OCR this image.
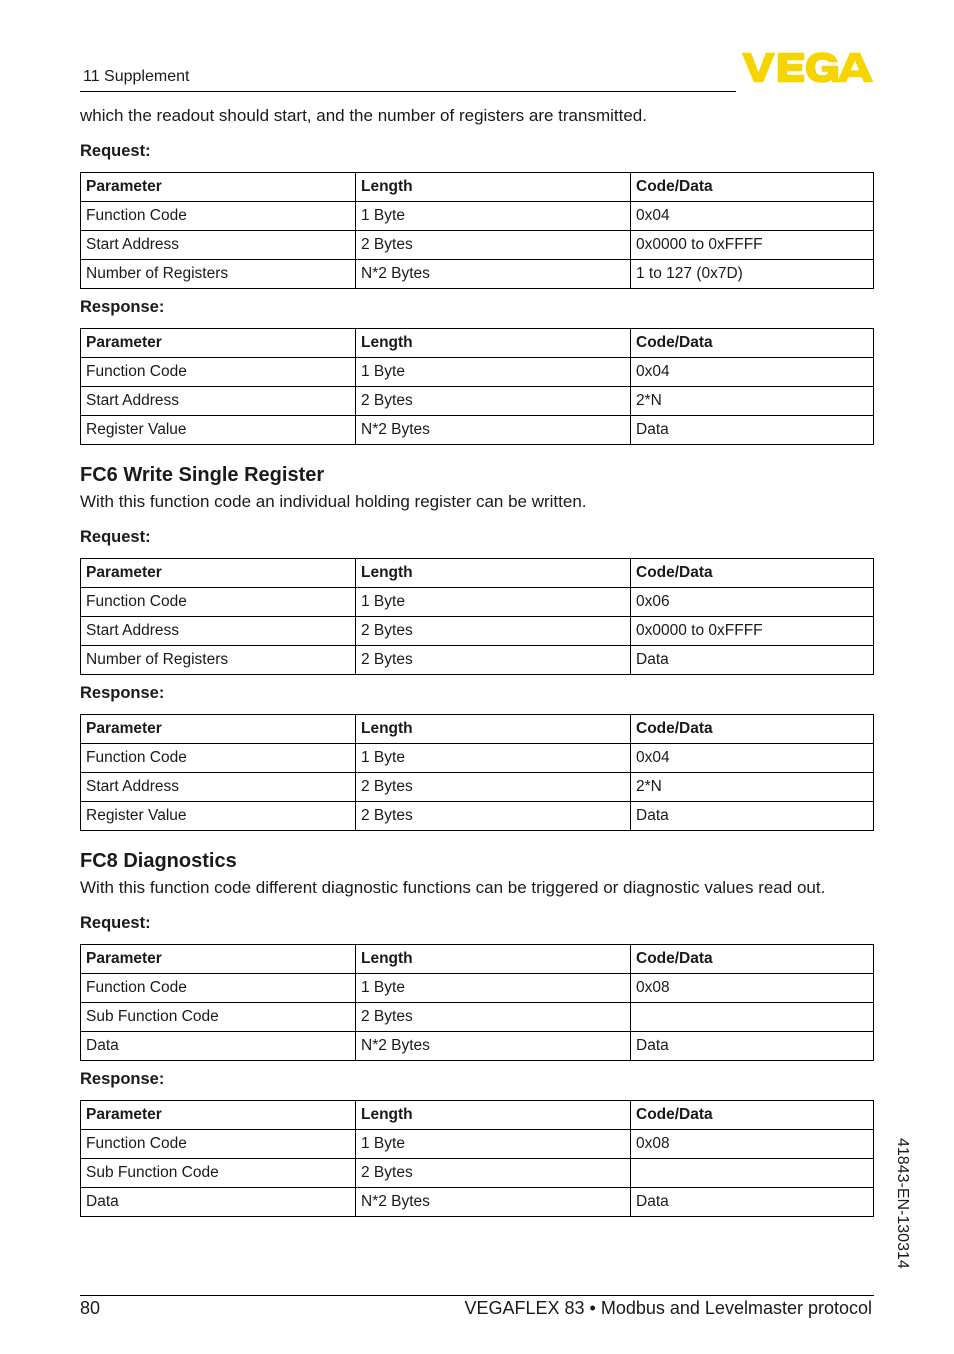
11 Supplement

which the readout should start, and the number of registers are transmitted.

Request:

Parameter	Length	Code/Data
Function Code	1 Byte	0x04
Start Address	2 Bytes	0x0000 to 0xFFFF
Number of Registers	N*2 Bytes	1 to 127 (0x7D)

Response:

Parameter	Length	Code/Data
Function Code	1 Byte	0x04
Start Address	2 Bytes	2*N
Register Value	N*2 Bytes	Data

FC6 Write Single Register

With this function code an individual holding register can be written.

Request:

Parameter	Length	Code/Data
Function Code	1 Byte	0x06
Start Address	2 Bytes	0x0000 to 0xFFFF
Number of Registers	2 Bytes	Data

Response:

Parameter	Length	Code/Data
Function Code	1 Byte	0x04
Start Address	2 Bytes	2*N
Register Value	2 Bytes	Data

FC8 Diagnostics

With this function code different diagnostic functions can be triggered or diagnostic values read out.

Request:

Parameter	Length	Code/Data
Function Code	1 Byte	0x08
Sub Function Code	2 Bytes	
Data	N*2 Bytes	Data

Response:

Parameter	Length	Code/Data
Function Code	1 Byte	0x08
Sub Function Code	2 Bytes	
Data	N*2 Bytes	Data	41843-EN-130314
80	VEGAFLEX 83 • Modbus and Levelmaster protocol
